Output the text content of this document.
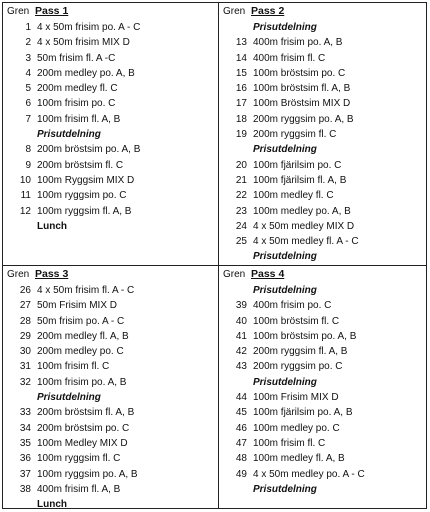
Gren Pass 1
1 4 x 50m frisim po. A - C
2 4 x 50m frisim MIX D
3 50m frisim fl. A -C
4 200m medley po. A, B
5 200m medley fl. C
6 100m frisim po. C
7 100m frisim fl. A, B
Prisutdelning
8 200m bröstsim po. A, B
9 200m bröstsim fl. C
10 100m Ryggsim MIX D
11 100m ryggsim po. C
12 100m ryggsim fl. A, B
Lunch
Gren Pass 2
Prisutdelning
13 400m frisim po. A, B
14 400m frisim fl. C
15 100m bröstsim po. C
16 100m bröstsim fl. A, B
17 100m Bröstsim MIX D
18 200m ryggsim po. A, B
19 200m ryggsim fl. C
Prisutdelning
20 100m fjärilsim po. C
21 100m fjärilsim fl. A, B
22 100m medley fl. C
23 100m medley po. A, B
24 4 x 50m medley MIX D
25 4 x 50m medley fl. A - C
Prisutdelning
Gren Pass 3
26 4 x 50m frisim fl. A - C
27 50m Frisim MIX D
28 50m frisim po. A - C
29 200m medley fl. A, B
30 200m medley po. C
31 100m frisim fl. C
32 100m frisim po. A, B
Prisutdelning
33 200m bröstsim fl. A, B
34 200m bröstsim po. C
35 100m Medley MIX D
36 100m ryggsim fl. C
37 100m ryggsim po. A, B
38 400m frisim fl. A, B
Lunch
Gren Pass 4
Prisutdelning
39 400m frisim po. C
40 100m bröstsim fl. C
41 100m bröstsim po. A, B
42 200m ryggsim fl. A, B
43 200m ryggsim po. C
Prisutdelning
44 100m Frisim MIX D
45 100m fjärilsim po. A, B
46 100m medley po. C
47 100m frisim fl. C
48 100m medley fl. A, B
49 4 x 50m medley po. A - C
Prisutdelning
